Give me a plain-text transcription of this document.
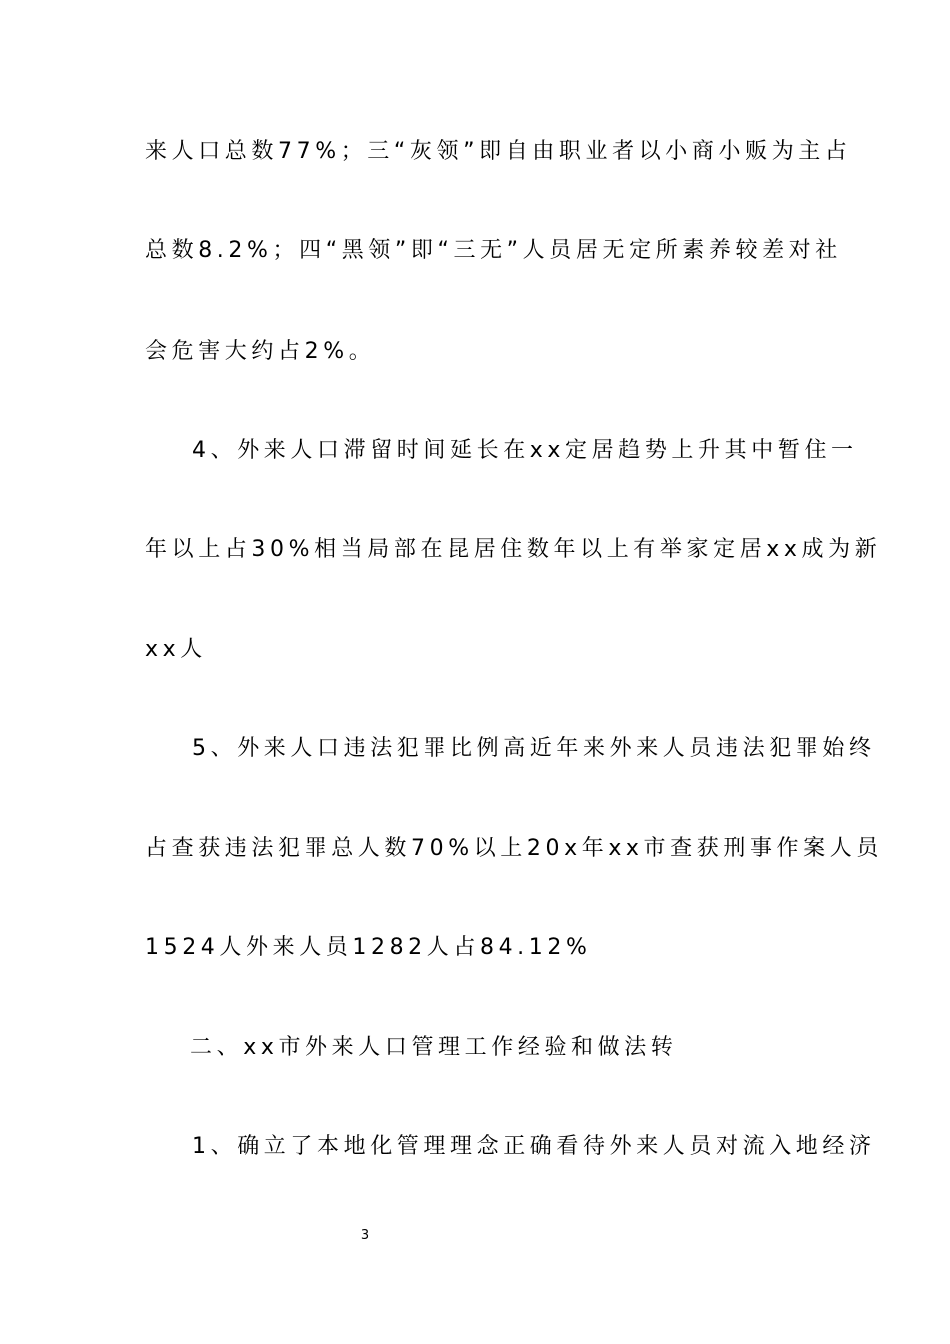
来人口总数77%；三“灰领”即自由职业者以小商小贩为主占
总数8.2%；四“黑领”即“三无”人员居无定所素养较差对社
会危害大约占2%。
4、外来人口滞留时间延长在xx定居趋势上升其中暂住一
年以上占30%相当局部在昆居住数年以上有举家定居xx成为新
xx人
5、外来人口违法犯罪比例高近年来外来人员违法犯罪始终
占查获违法犯罪总人数70%以上20x年xx市查获刑事作案人员
1524人外来人员1282人占84.12%
二、xx市外来人口管理工作经验和做法转
1、确立了本地化管理理念正确看待外来人员对流入地经济
3
